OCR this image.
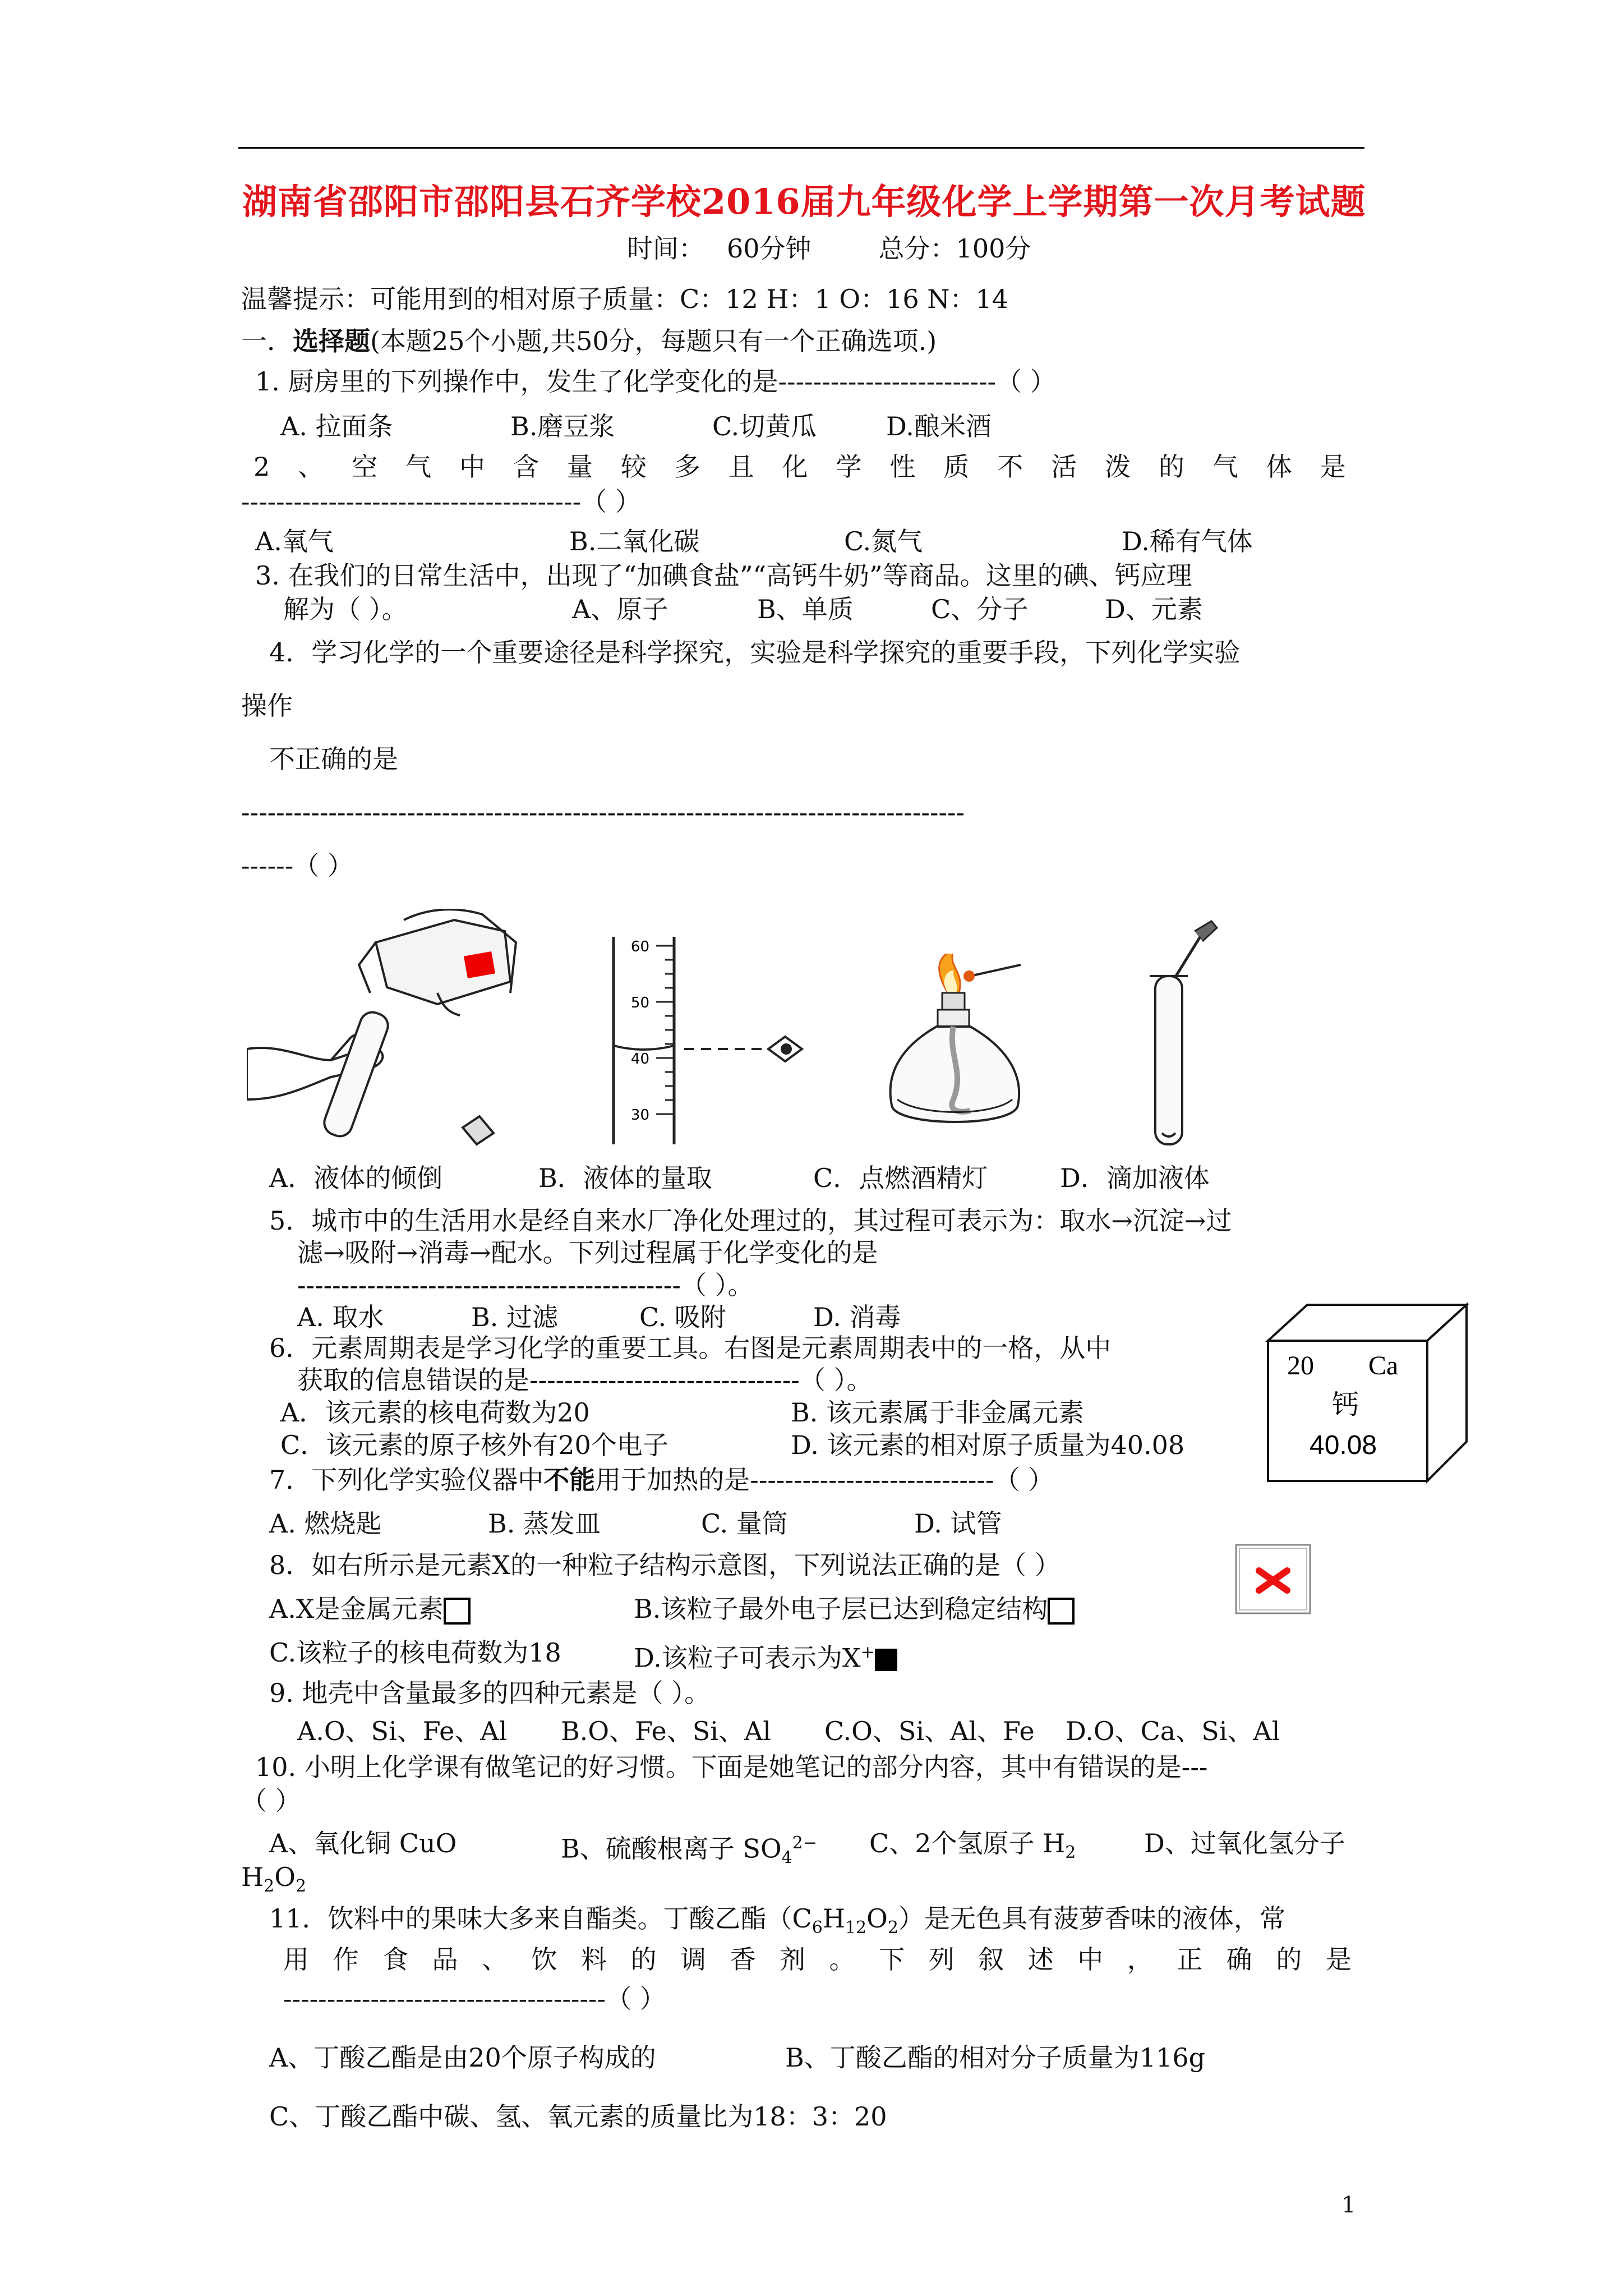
湖南省邵阳市邵阳县石齐学校2016届九年级化学上学期第一次月考试题
时间： 60分钟	总分：100分
温馨提示：可能用到的相对原子质量：C：12 H：1 O：16 N：14
一．选择题(本题25个小题,共50分，每题只有一个正确选项.)
1. 厨房里的下列操作中，发生了化学变化的是-------------------------（ ）
A. 拉面条	B.磨豆浆	C.切黄瓜	D.酿米酒
2 、 空 气 中 含 量 较 多 且 化 学 性 质 不 活 泼 的 气 体 是
---------------------------------------（ ）
A.氧气	B.二氧化碳	C.氮气	D.稀有气体
3. 在我们的日常生活中，出现了“加碘食盐”“高钙牛奶”等商品。这里的碘、钙应理
解为（ ）。	A、原子	B、单质	C、分子	D、元素
4．学习化学的一个重要途径是科学探究，实验是科学探究的重要手段，下列化学实验
操作
不正确的是
-----------------------------------------------------------------------------------
------（ ）
60
50
40
30
A．液体的倾倒	B．液体的量取	C．点燃酒精灯	D．滴加液体
5．城市中的生活用水是经自来水厂净化处理过的，其过程可表示为：取水→沉淀→过
滤→吸附→消毒→配水。下列过程属于化学变化的是
--------------------------------------------（ ）。
A. 取水	B. 过滤	C. 吸附	D. 消毒
6．元素周期表是学习化学的重要工具。右图是元素周期表中的一格，从中
获取的信息错误的是-------------------------------（ ）。
A．该元素的核电荷数为20	B. 该元素属于非金属元素
C．该元素的原子核外有20个电子	D. 该元素的相对原子质量为40.08
20 Ca
钙
40.08
7．下列化学实验仪器中不能用于加热的是----------------------------（ ）
A. 燃烧匙	B. 蒸发皿	C. 量筒	D. 试管
8．如右所示是元素X的一种粒子结构示意图，下列说法正确的是（ ）
A.X是金属元素	B.该粒子最外电子层已达到稳定结构
C.该粒子的核电荷数为18	D.该粒子可表示为X+
9. 地壳中含量最多的四种元素是（ ）。
A.O、Si、Fe、Al B.O、Fe、Si、Al C.O、Si、Al、Fe D.O、Ca、Si、Al
10. 小明上化学课有做笔记的好习惯。下面是她笔记的部分内容，其中有错误的是---
（ ）
A、氧化铜 CuO	B、硫酸根离子 $SO_4^{2-}$ C、2个氢原子 $H_2$	D、过氧化氢分子
$H_2O_2$
11．饮料中的果味大多来自酯类。丁酸乙酯$(C_6H_{12}O_2)$是无色具有菠萝香味的液体，常
用 作 食 品 、 饮 料 的 调 香 剂 。 下 列 叙 述 中 ， 正 确 的 是
-------------------------------------（ ）
A、丁酸乙酯是由20个原子构成的	B、丁酸乙酯的相对分子质量为116g
C、丁酸乙酯中碳、氢、氧元素的质量比为18：3：20
1
